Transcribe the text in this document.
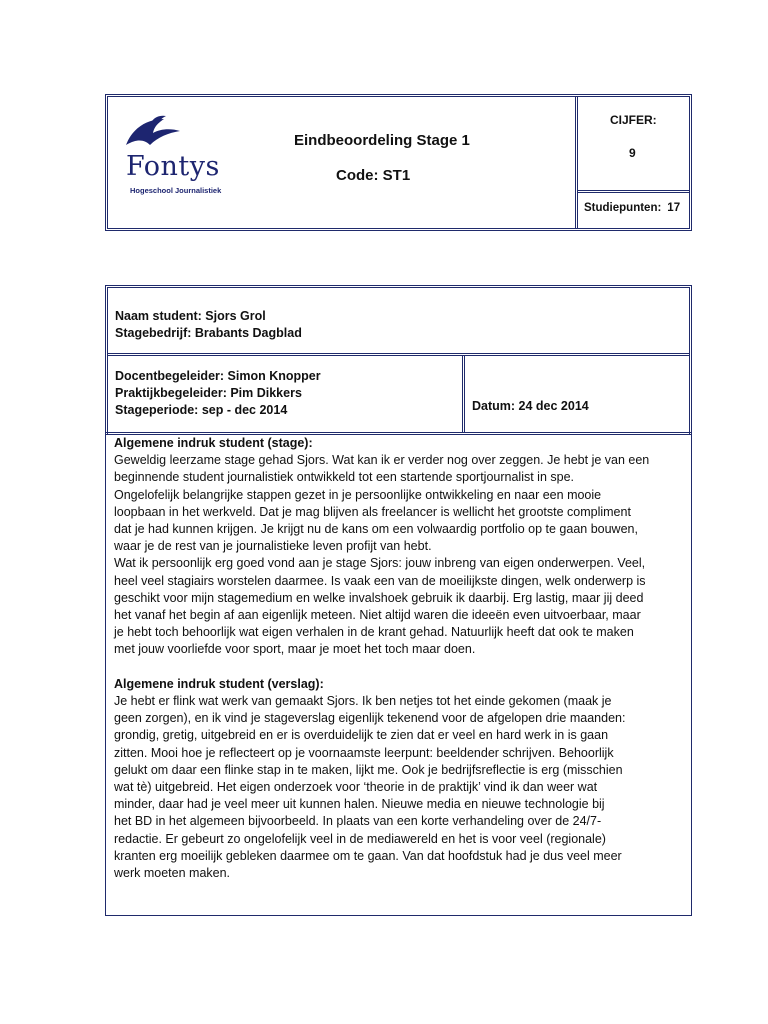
Fontys
Hogeschool Journalistiek
Eindbeoordeling Stage 1
Code: ST1
CIJFER:
9
Studiepunten: 17
Naam student: Sjors Grol
Stagebedrijf: Brabants Dagblad
Docentbegeleider: Simon Knopper
Praktijkbegeleider: Pim Dikkers
Stageperiode: sep - dec 2014	Datum: 24 dec 2014
Algemene indruk student (stage):
Geweldig leerzame stage gehad Sjors. Wat kan ik er verder nog over zeggen. Je hebt je van een
beginnende student journalistiek ontwikkeld tot een startende sportjournalist in spe.
Ongelofelijk belangrijke stappen gezet in je persoonlijke ontwikkeling en naar een mooie
loopbaan in het werkveld. Dat je mag blijven als freelancer is wellicht het grootste compliment
dat je had kunnen krijgen. Je krijgt nu de kans om een volwaardig portfolio op te gaan bouwen,
waar je de rest van je journalistieke leven profijt van hebt.
Wat ik persoonlijk erg goed vond aan je stage Sjors: jouw inbreng van eigen onderwerpen. Veel,
heel veel stagiairs worstelen daarmee. Is vaak een van de moeilijkste dingen, welk onderwerp is
geschikt voor mijn stagemedium en welke invalshoek gebruik ik daarbij. Erg lastig, maar jij deed
het vanaf het begin af aan eigenlijk meteen. Niet altijd waren die ideeën even uitvoerbaar, maar
je hebt toch behoorlijk wat eigen verhalen in de krant gehad. Natuurlijk heeft dat ook te maken
met jouw voorliefde voor sport, maar je moet het toch maar doen.
Algemene indruk student (verslag):
Je hebt er flink wat werk van gemaakt Sjors. Ik ben netjes tot het einde gekomen (maak je
geen zorgen), en ik vind je stageverslag eigenlijk tekenend voor de afgelopen drie maanden:
grondig, gretig, uitgebreid en er is overduidelijk te zien dat er veel en hard werk in is gaan
zitten. Mooi hoe je reflecteert op je voornaamste leerpunt: beeldender schrijven. Behoorlijk
gelukt om daar een flinke stap in te maken, lijkt me. Ook je bedrijfsreflectie is erg (misschien
wat tè) uitgebreid. Het eigen onderzoek voor ‘theorie in de praktijk’ vind ik dan weer wat
minder, daar had je veel meer uit kunnen halen. Nieuwe media en nieuwe technologie bij
het BD in het algemeen bijvoorbeeld. In plaats van een korte verhandeling over de 24/7-
redactie. Er gebeurt zo ongelofelijk veel in de mediawereld en het is voor veel (regionale)
kranten erg moeilijk gebleken daarmee om te gaan. Van dat hoofdstuk had je dus veel meer
werk moeten maken.
